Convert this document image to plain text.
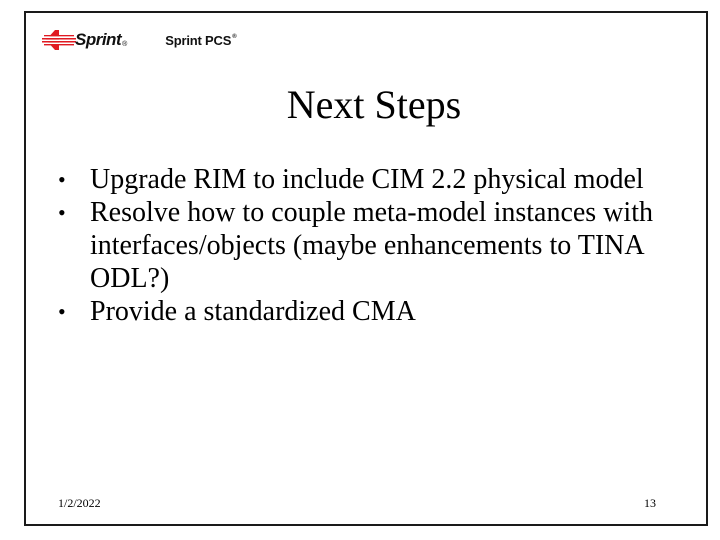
Sprint ®	Sprint PCS ®
Next Steps
• Upgrade RIM to include CIM 2.2 physical model
• Resolve how to couple meta-model instances with interfaces/objects (maybe enhancements to TINA ODL?)
• Provide a standardized CMA
1/2/2022	13
